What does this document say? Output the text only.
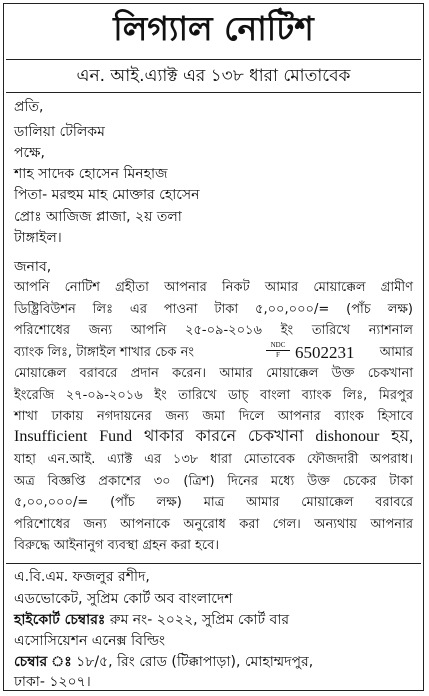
লিগ্যাল নোটিশ
এন. আই.এ্যাক্ট এর ১৩৮ ধারা মোতাবেক
প্রতি,
ডালিয়া টেলিকম
পক্ষে,
শাহ সাদেক হোসেন মিনহাজ
পিতা- মরহুম মাহ মোক্তার হোসেন
প্রোঃ আজিজ প্লাজা, ২য় তলা
টাঙ্গাইল।
জনাব,
আপনি নোটিশ গ্রহীতা আপনার নিকট আমার মোয়াক্কেল গ্রামীণ
ডিষ্ট্রিবিউশন লিঃ এর পাওনা টাকা ৫,০০,০০০/= (পাঁচ লক্ষ)
পরিশোধের জন্য আপনি ২৫-০৯-২০১৬ ইং তারিখে ন্যাশনাল
ব্যাংক লিঃ, টাঙ্গাইল শাখার চেক নং	NDC
F 6502231 আমার
মোয়াক্কেল বরাবরে প্রদান করেন। আমার মোয়াক্কেল উক্ত চেকখানা
ইংরেজি ২৭-০৯-২০১৬ ইং তারিখে ডাচ্ বাংলা ব্যাংক লিঃ, মিরপুর
শাখা ঢাকায় নগদায়নের জন্য জমা দিলে আপনার ব্যাংক হিসাবে
Insufficient Fund থাকার কারনে চেকখানা dishonour হয়,
যাহা এন.আই. এ্যাক্ট এর ১৩৮ ধারা মোতাবেক ফৌজদারী অপরাধ।
অত্র বিজ্ঞপ্তি প্রকাশের ৩০ (ত্রিশ) দিনের মধ্যে উক্ত চেকের টাকা
৫,০০,০০০/= (পাঁচ লক্ষ) মাত্র আমার মোয়াক্কেল বরাবরে
পরিশোধের জন্য আপনাকে অনুরোধ করা গেল। অন্যথায় আপনার
বিরুদ্ধে আইনানুগ ব্যবস্থা গ্রহন করা হবে।
এ.বি.এম. ফজলুর রশীদ,
এডভোকেট, সুপ্রিম কোর্ট অব বাংলাদেশ
হাইকোর্ট চেম্বারঃ রুম নং- ২০২২, সুপ্রিম কোর্ট বার
এসোসিয়েশন এনেক্স বিল্ডিং
চেম্বার ঃ ১৮/৫, রিং রোড (টিক্কাপাড়া), মোহাম্মদপুর,
ঢাকা- ১২০৭।
